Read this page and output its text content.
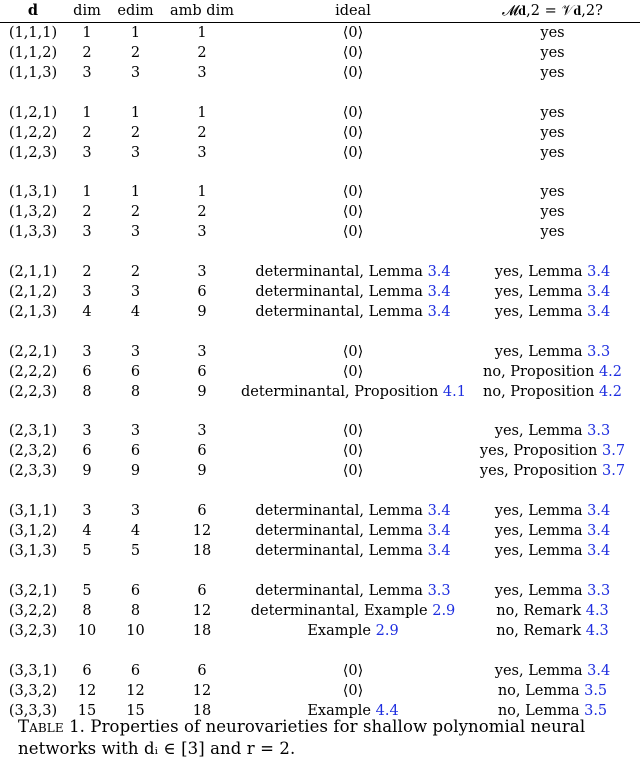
d	dim	edim	amb dim	ideal	𝓜𝐝,2 = 𝒱𝐝,2?
(1,1,1)	1	1	1	⟨0⟩	yes
(1,1,2)	2	2	2	⟨0⟩	yes
(1,1,3)	3	3	3	⟨0⟩	yes

(1,2,1)	1	1	1	⟨0⟩	yes
(1,2,2)	2	2	2	⟨0⟩	yes
(1,2,3)	3	3	3	⟨0⟩	yes

(1,3,1)	1	1	1	⟨0⟩	yes
(1,3,2)	2	2	2	⟨0⟩	yes
(1,3,3)	3	3	3	⟨0⟩	yes

(2,1,1)	2	2	3	determinantal, Lemma 3.4	yes, Lemma 3.4
(2,1,2)	3	3	6	determinantal, Lemma 3.4	yes, Lemma 3.4
(2,1,3)	4	4	9	determinantal, Lemma 3.4	yes, Lemma 3.4

(2,2,1)	3	3	3	⟨0⟩	yes, Lemma 3.3
(2,2,2)	6	6	6	⟨0⟩	no, Proposition 4.2
(2,2,3)	8	8	9	determinantal, Proposition 4.1	no, Proposition 4.2

(2,3,1)	3	3	3	⟨0⟩	yes, Lemma 3.3
(2,3,2)	6	6	6	⟨0⟩	yes, Proposition 3.7
(2,3,3)	9	9	9	⟨0⟩	yes, Proposition 3.7

(3,1,1)	3	3	6	determinantal, Lemma 3.4	yes, Lemma 3.4
(3,1,2)	4	4	12	determinantal, Lemma 3.4	yes, Lemma 3.4
(3,1,3)	5	5	18	determinantal, Lemma 3.4	yes, Lemma 3.4

(3,2,1)	5	6	6	determinantal, Lemma 3.3	yes, Lemma 3.3
(3,2,2)	8	8	12	determinantal, Example 2.9	no, Remark 4.3
(3,2,3)	10	10	18	Example 2.9	no, Remark 4.3

(3,3,1)	6	6	6	⟨0⟩	yes, Lemma 3.4
(3,3,2)	12	12	12	⟨0⟩	no, Lemma 3.5
(3,3,3)	15	15	18	Example 4.4	no, Lemma 3.5
Table 1. Properties of neurovarieties for shallow polynomial neural networks with dᵢ ∈ [3] and r = 2.
